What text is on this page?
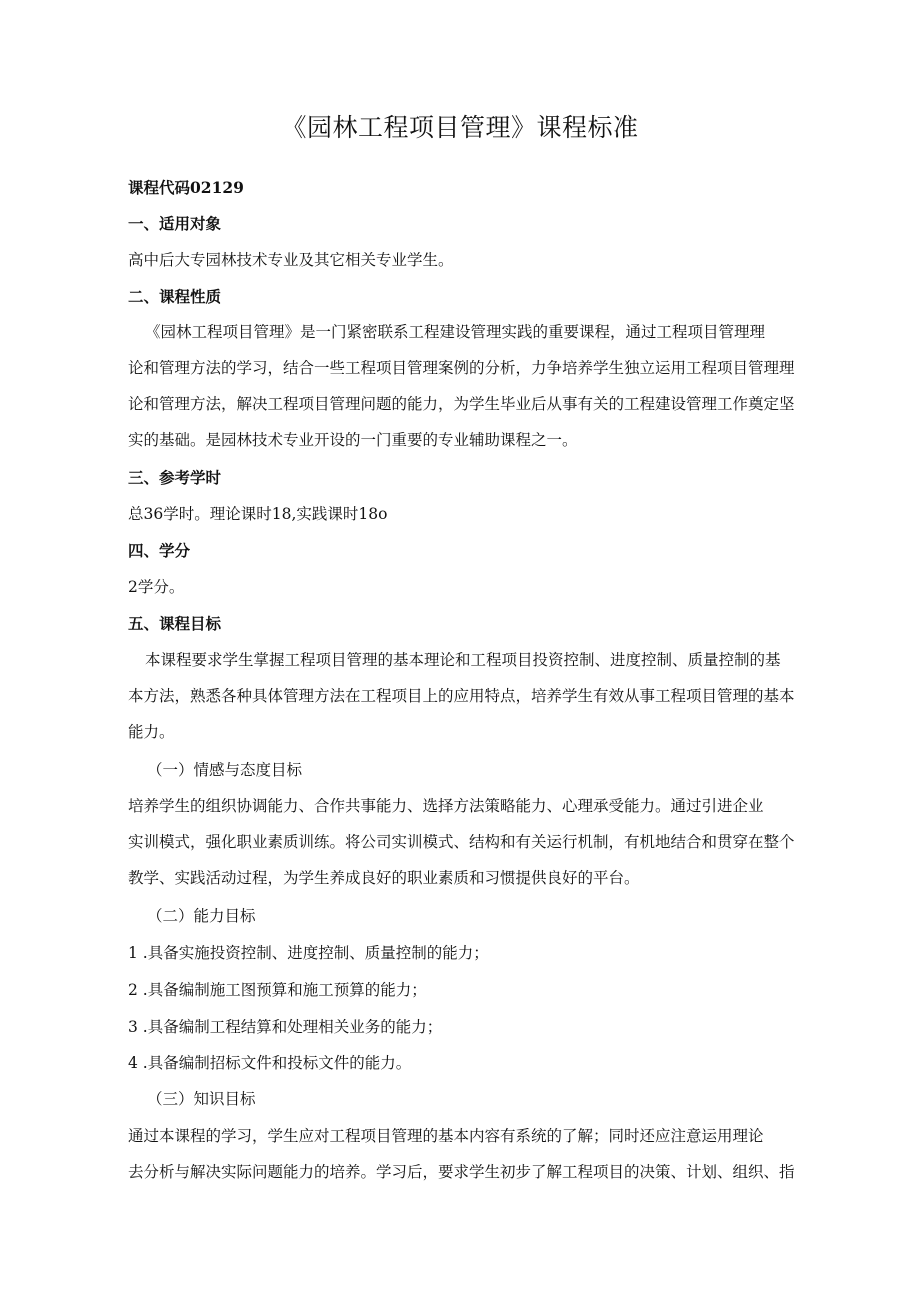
《园林工程项目管理》课程标准

课程代码02129

一、适用对象

高中后大专园林技术专业及其它相关专业学生。

二、课程性质

《园林工程项目管理》是一门紧密联系工程建设管理实践的重要课程，通过工程项目管理理

论和管理方法的学习，结合一些工程项目管理案例的分析，力争培养学生独立运用工程项目管理理

论和管理方法，解决工程项目管理问题的能力，为学生毕业后从事有关的工程建设管理工作奠定坚

实的基础。是园林技术专业开设的一门重要的专业辅助课程之一。

三、参考学时

总36学时。理论课时18,实践课时18o

四、学分

2学分。

五、课程目标

本课程要求学生掌握工程项目管理的基本理论和工程项目投资控制、进度控制、质量控制的基

本方法，熟悉各种具体管理方法在工程项目上的应用特点，培养学生有效从事工程项目管理的基本

能力。

（一）情感与态度目标

培养学生的组织协调能力、合作共事能力、选择方法策略能力、心理承受能力。通过引进企业

实训模式，强化职业素质训练。将公司实训模式、结构和有关运行机制，有机地结合和贯穿在整个

教学、实践活动过程，为学生养成良好的职业素质和习惯提供良好的平台。

（二）能力目标

1 .具备实施投资控制、进度控制、质量控制的能力；

2 .具备编制施工图预算和施工预算的能力；

3 .具备编制工程结算和处理相关业务的能力；

4 .具备编制招标文件和投标文件的能力。

（三）知识目标

通过本课程的学习，学生应对工程项目管理的基本内容有系统的了解；同时还应注意运用理论

去分析与解决实际问题能力的培养。学习后，要求学生初步了解工程项目的决策、计划、组织、指
